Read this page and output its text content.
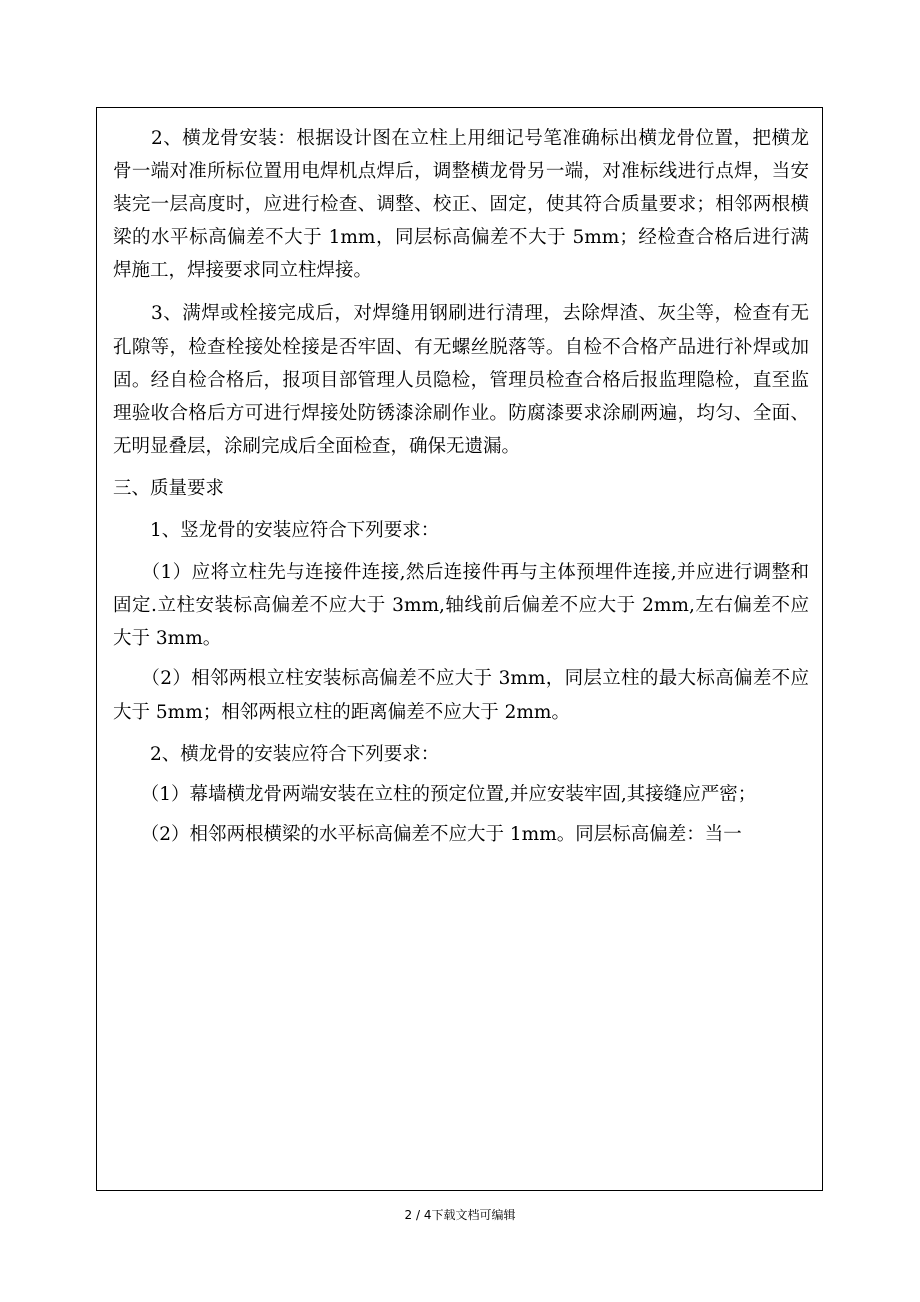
　　2、横龙骨安装：根据设计图在立柱上用细记号笔准确标出横龙骨位置，把横龙骨一端对准所标位置用电焊机点焊后，调整横龙骨另一端，对准标线进行点焊，当安装完一层高度时，应进行检查、调整、校正、固定，使其符合质量要求；相邻两根横梁的水平标高偏差不大于 1mm，同层标高偏差不大于 5mm；经检查合格后进行满焊施工，焊接要求同立柱焊接。

　　3、满焊或栓接完成后，对焊缝用钢刷进行清理，去除焊渣、灰尘等，检查有无孔隙等，检查栓接处栓接是否牢固、有无螺丝脱落等。自检不合格产品进行补焊或加固。经自检合格后，报项目部管理人员隐检，管理员检查合格后报监理隐检，直至监理验收合格后方可进行焊接处防锈漆涂刷作业。防腐漆要求涂刷两遍，均匀、全面、无明显叠层，涂刷完成后全面检查，确保无遗漏。

三、质量要求

　　1、竖龙骨的安装应符合下列要求：

　　（1）应将立柱先与连接件连接,然后连接件再与主体预埋件连接,并应进行调整和固定.立柱安装标高偏差不应大于 3mm,轴线前后偏差不应大于 2mm,左右偏差不应大于 3mm。

　　（2）相邻两根立柱安装标高偏差不应大于 3mm，同层立柱的最大标高偏差不应大于 5mm；相邻两根立柱的距离偏差不应大于 2mm。

　　2、横龙骨的安装应符合下列要求：

　　（1）幕墙横龙骨两端安装在立柱的预定位置,并应安装牢固,其接缝应严密；

　　（2）相邻两根横梁的水平标高偏差不应大于 1mm。同层标高偏差：当一

2 / 4下载文档可编辑
